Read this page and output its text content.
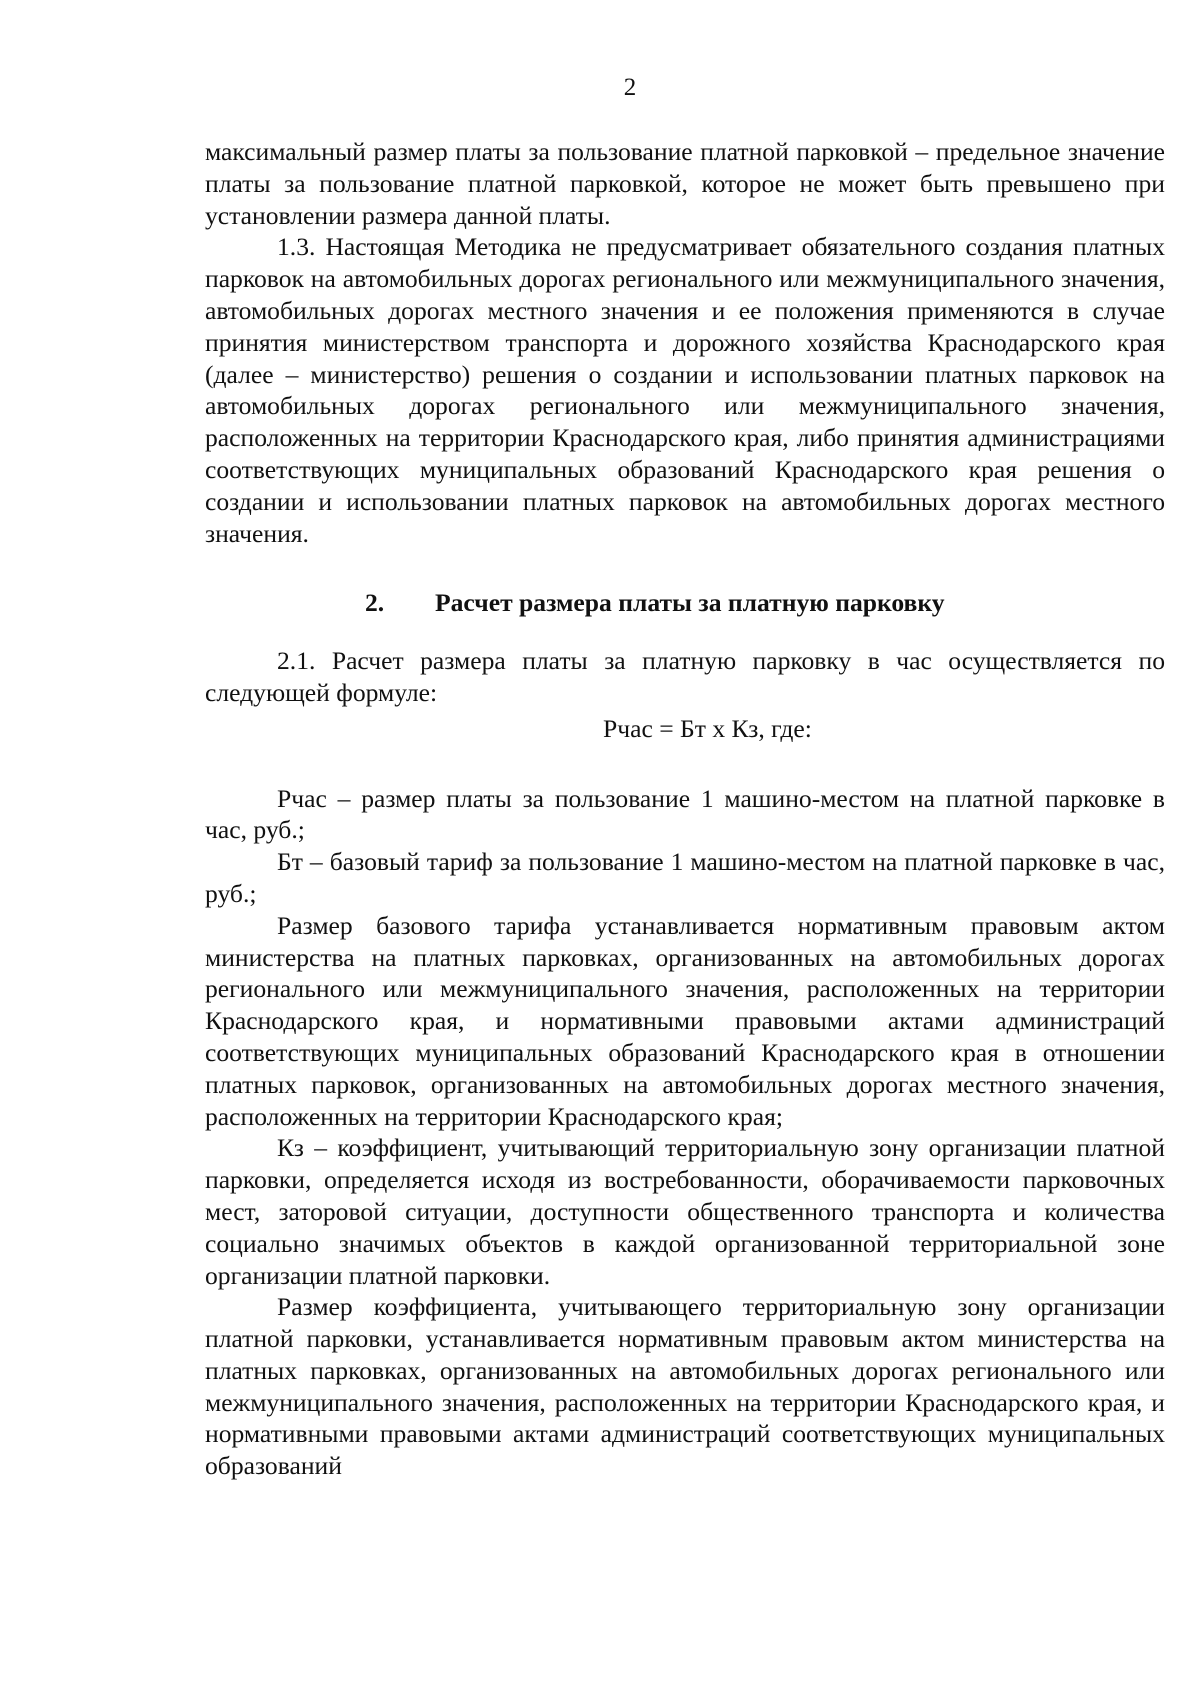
2

максимальный размер платы за пользование платной парковкой – предельное значение платы за пользование платной парковкой, которое не может быть превышено при установлении размера данной платы.

1.3. Настоящая Методика не предусматривает обязательного создания платных парковок на автомобильных дорогах регионального или межмуниципального значения, автомобильных дорогах местного значения и ее положения применяются в случае принятия министерством транспорта и дорожного хозяйства Краснодарского края (далее – министерство) решения о создании и использовании платных парковок на автомобильных дорогах регионального или межмуниципального значения, расположенных на территории Краснодарского края, либо принятия администрациями соответствующих муниципальных образований Краснодарского края решения о создании и использовании платных парковок на автомобильных дорогах местного значения.

2. Расчет размера платы за платную парковку

2.1. Расчет размера платы за платную парковку в час осуществляется по следующей формуле:

Рчас = Бт х Кз, где:

Рчас – размер платы за пользование 1 машино-местом на платной парковке в час, руб.;

Бт – базовый тариф за пользование 1 машино-местом на платной парковке в час, руб.;

Размер базового тарифа устанавливается нормативным правовым актом министерства на платных парковках, организованных на автомобильных дорогах регионального или межмуниципального значения, расположенных на территории Краснодарского края, и нормативными правовыми актами администраций соответствующих муниципальных образований Краснодарского края в отношении платных парковок, организованных на автомобильных дорогах местного значения, расположенных на территории Краснодарского края;

Кз – коэффициент, учитывающий территориальную зону организации платной парковки, определяется исходя из востребованности, оборачиваемости парковочных мест, заторовой ситуации, доступности общественного транспорта и количества социально значимых объектов в каждой организованной территориальной зоне организации платной парковки.

Размер коэффициента, учитывающего территориальную зону организации платной парковки, устанавливается нормативным правовым актом министерства на платных парковках, организованных на автомобильных дорогах регионального или межмуниципального значения, расположенных на территории Краснодарского края, и нормативными правовыми актами администраций соответствующих муниципальных образований
